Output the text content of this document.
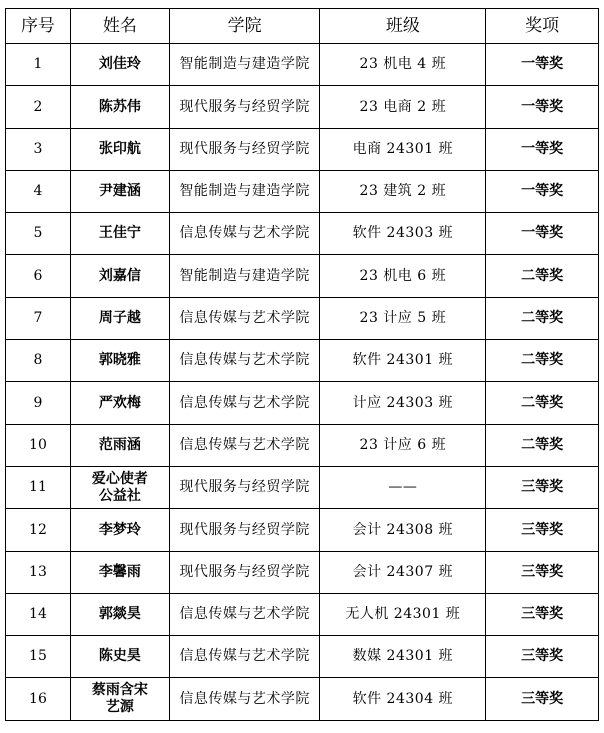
序号	姓名	学院	班级	奖项
1	刘佳玲	智能制造与建造学院	23 机电 4 班	一等奖
2	陈苏伟	现代服务与经贸学院	23 电商 2 班	一等奖
3	张印航	现代服务与经贸学院	电商 24301 班	一等奖
4	尹建涵	智能制造与建造学院	23 建筑 2 班	一等奖
5	王佳宁	信息传媒与艺术学院	软件 24303 班	一等奖
6	刘嘉信	智能制造与建造学院	23 机电 6 班	二等奖
7	周子越	信息传媒与艺术学院	23 计应 5 班	二等奖
8	郭晓雅	信息传媒与艺术学院	软件 24301 班	二等奖
9	严欢梅	信息传媒与艺术学院	计应 24303 班	二等奖
10	范雨涵	信息传媒与艺术学院	23 计应 6 班	二等奖
11	爱心使者公益社	现代服务与经贸学院	——	三等奖
12	李梦玲	现代服务与经贸学院	会计 24308 班	三等奖
13	李馨雨	现代服务与经贸学院	会计 24307 班	三等奖
14	郭燚昊	信息传媒与艺术学院	无人机 24301 班	三等奖
15	陈史昊	信息传媒与艺术学院	数媒 24301 班	三等奖
16	蔡雨含宋艺源	信息传媒与艺术学院	软件 24304 班	三等奖
